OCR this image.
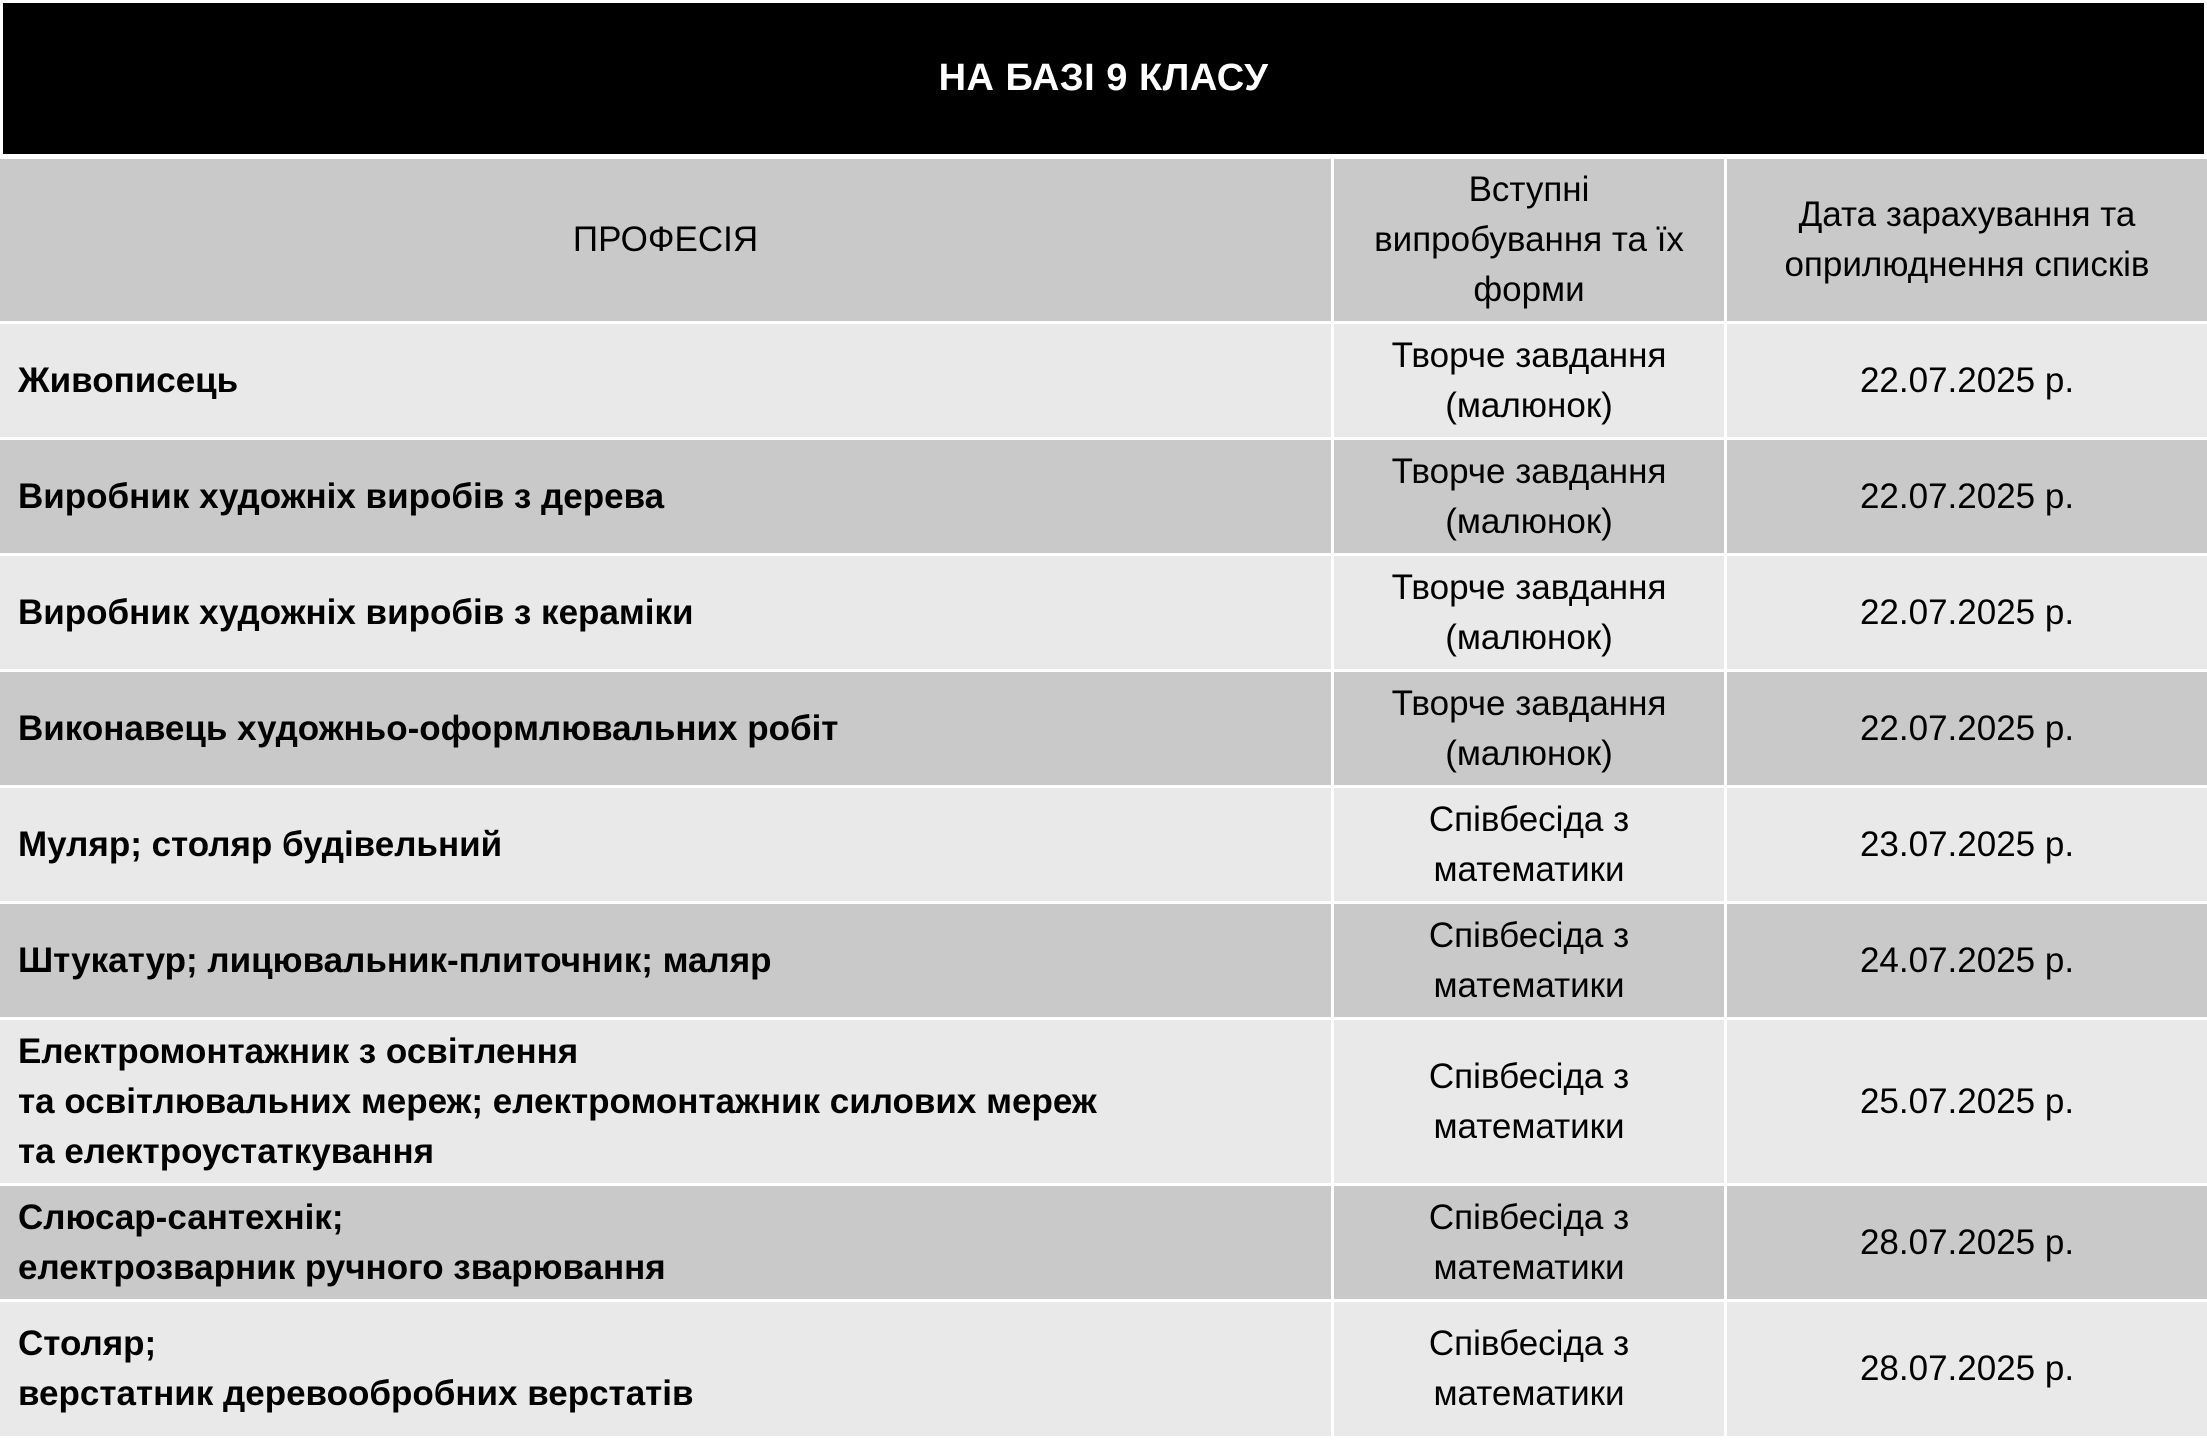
НА БАЗІ 9 КЛАСУ
ПРОФЕСІЯ
Вступні
випробування та їх
форми
Дата зарахування та
оприлюднення списків
Живописець
Творче завдання
(малюнок)
22.07.2025 р.
Виробник художніх виробів з дерева
Творче завдання
(малюнок)
22.07.2025 р.
Виробник художніх виробів з кераміки
Творче завдання
(малюнок)
22.07.2025 р.
Виконавець художньо-оформлювальних робіт
Творче завдання
(малюнок)
22.07.2025 р.
Муляр; столяр будівельний
Співбесіда з
математики
23.07.2025 р.
Штукатур; лицювальник-плиточник; маляр
Співбесіда з
математики
24.07.2025 р.
Електромонтажник з освітлення
та освітлювальних мереж; електромонтажник силових мереж
та електроустаткування
Співбесіда з
математики
25.07.2025 р.
Слюсар-сантехнік;
електрозварник ручного зварювання
Співбесіда з
математики
28.07.2025 р.
Столяр;
верстатник деревообробних верстатів
Співбесіда з
математики
28.07.2025 р.
